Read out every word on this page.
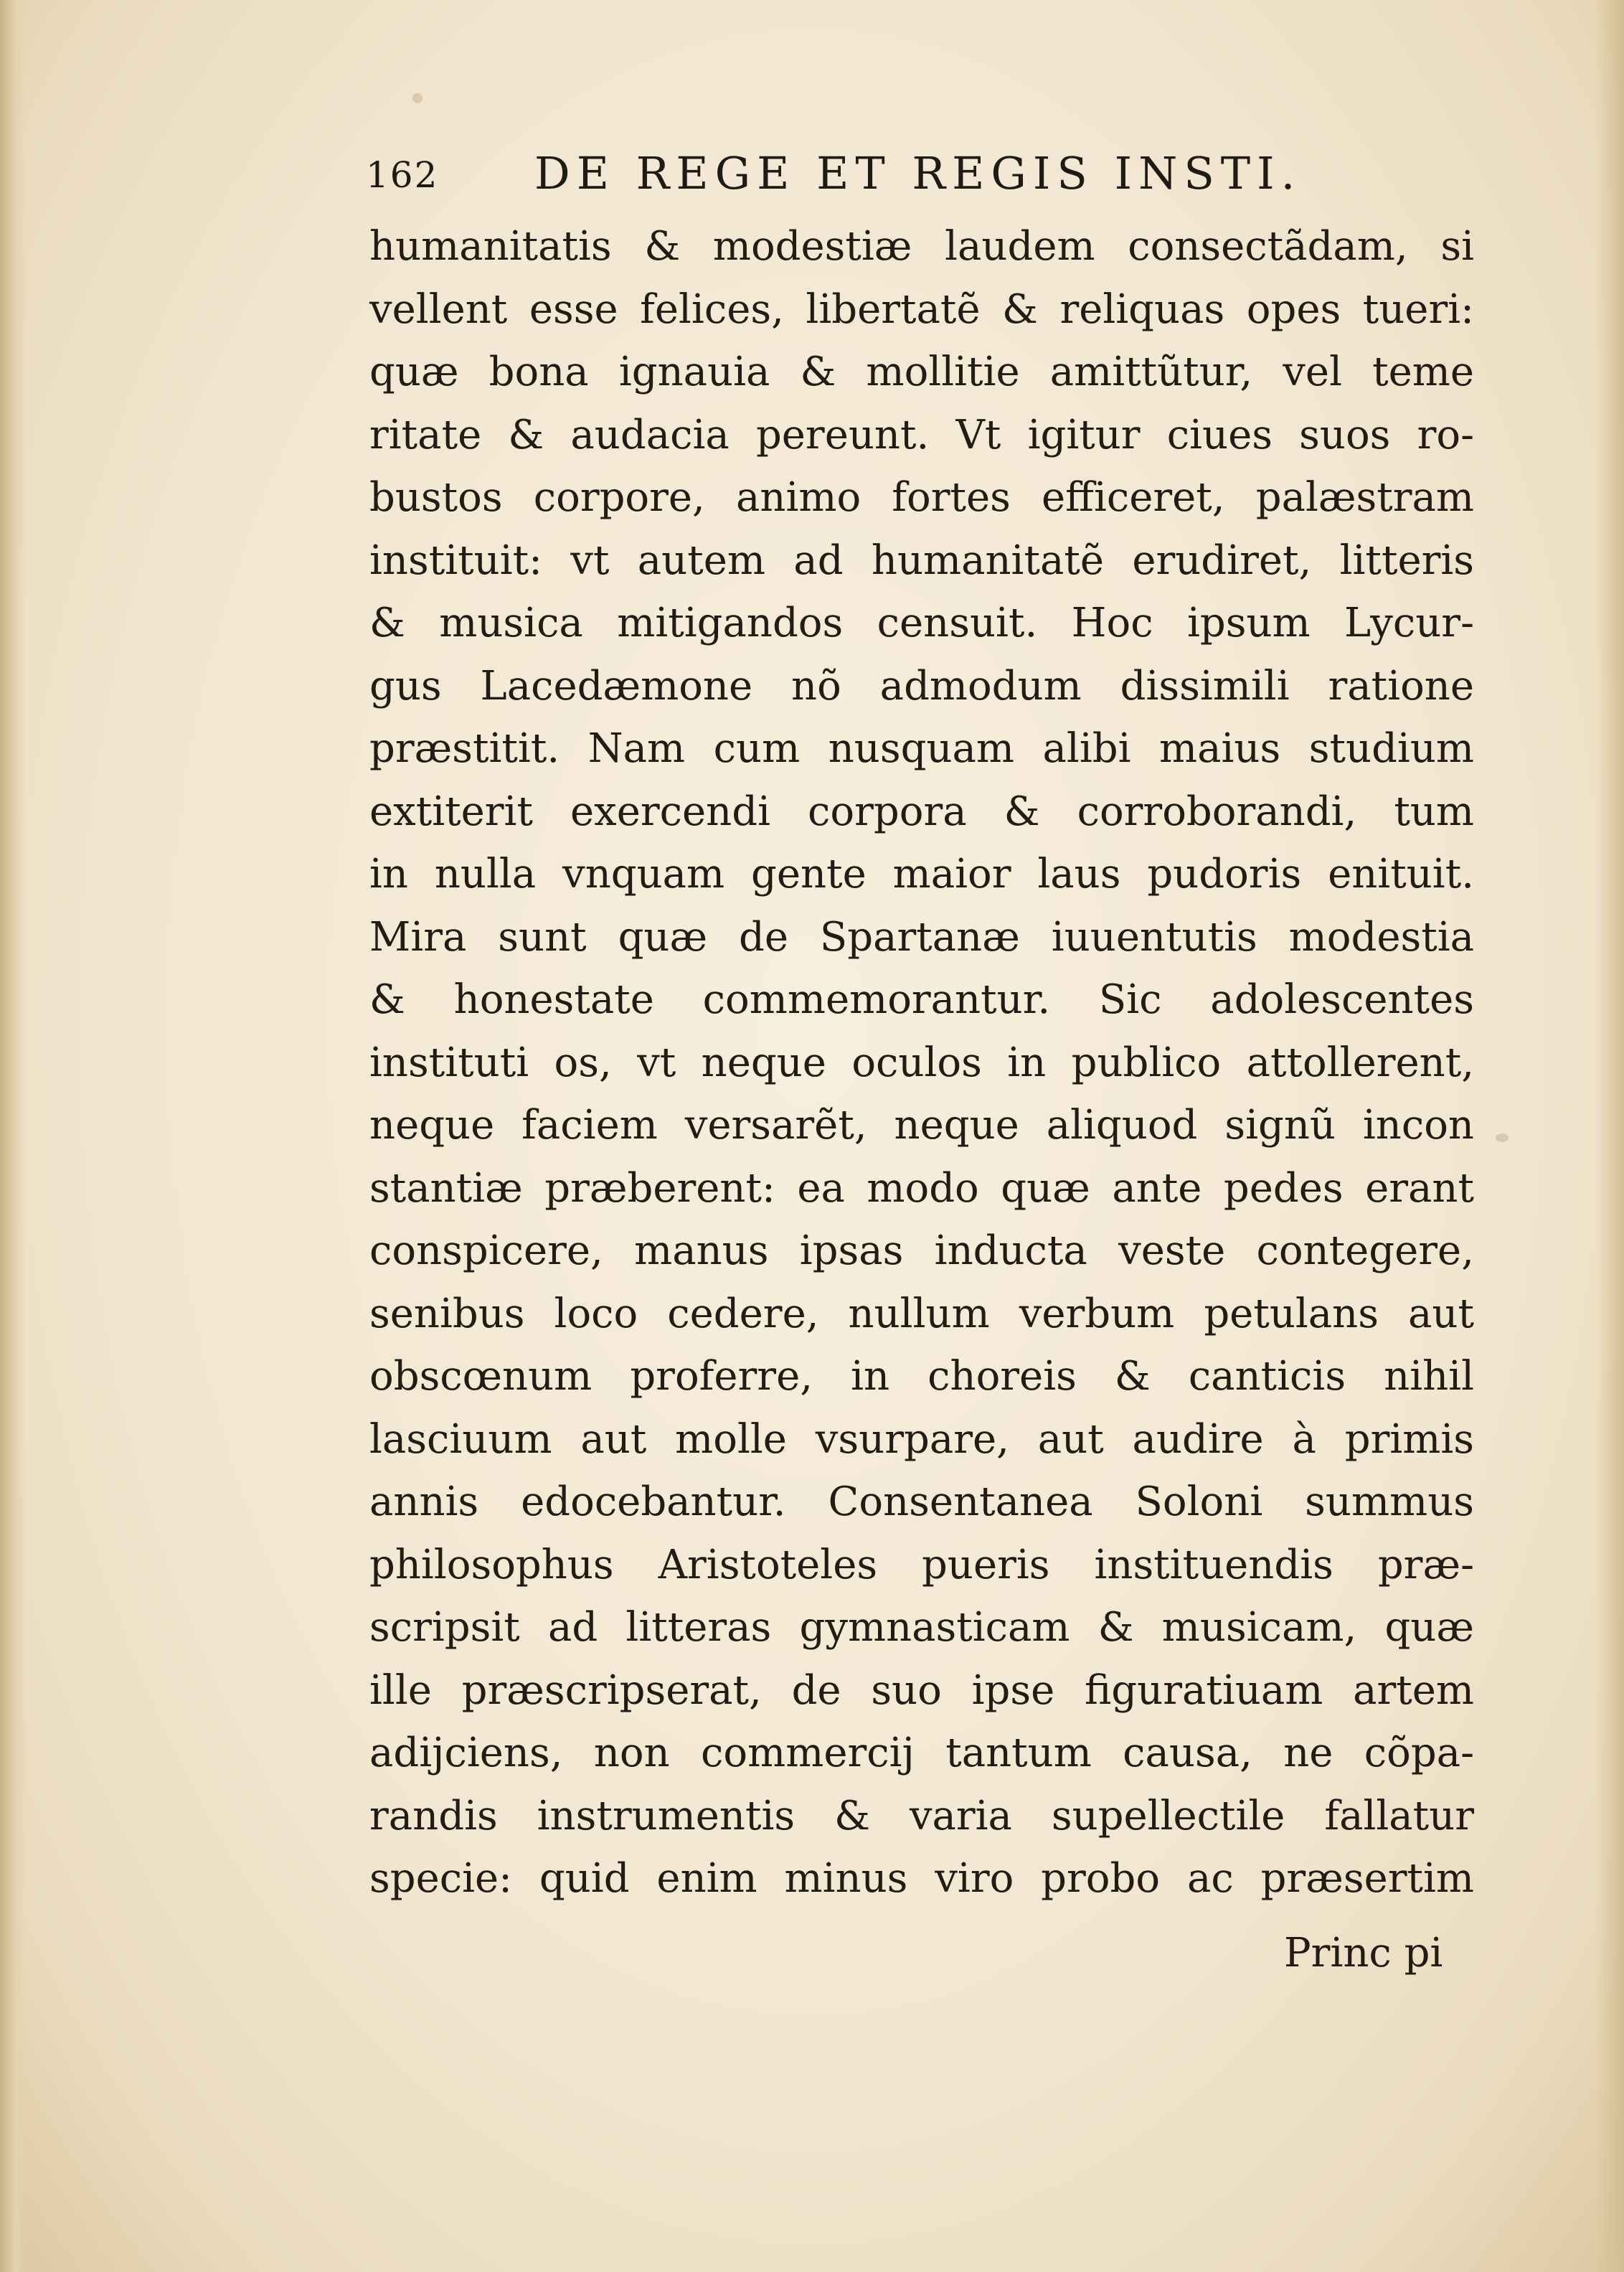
162 DE REGE ET REGIS INSTI.
humanitatis & modestiæ laudem consectãdam, si
vellent esse felices, libertatẽ & reliquas opes tueri:
quæ bona ignauia & mollitie amittũtur, vel teme
ritate & audacia pereunt. Vt igitur ciues suos ro-
bustos corpore, animo fortes efficeret, palæstram
instituit: vt autem ad humanitatẽ erudiret, litteris
& musica mitigandos censuit. Hoc ipsum Lycur-
gus Lacedæmone nõ admodum dissimili ratione
præstitit. Nam cum nusquam alibi maius studium
extiterit exercendi corpora & corroborandi, tum
in nulla vnquam gente maior laus pudoris enituit.
Mira sunt quæ de Spartanæ iuuentutis modestia
& honestate commemorantur. Sic adolescentes
instituti os, vt neque oculos in publico attollerent,
neque faciem versarẽt, neque aliquod signũ incon
stantiæ præberent: ea modo quæ ante pedes erant
conspicere, manus ipsas inducta veste contegere,
senibus loco cedere, nullum verbum petulans aut
obscœnum proferre, in choreis & canticis nihil
lasciuum aut molle vsurpare, aut audire à primis
annis edocebantur. Consentanea Soloni summus
philosophus Aristoteles pueris instituendis præ-
scripsit ad litteras gymnasticam & musicam, quæ
ille præscripserat, de suo ipse figuratiuam artem
adijciens, non commercij tantum causa, ne cõpa-
randis instrumentis & varia supellectile fallatur
specie: quid enim minus viro probo ac præsertim
Princ pi
